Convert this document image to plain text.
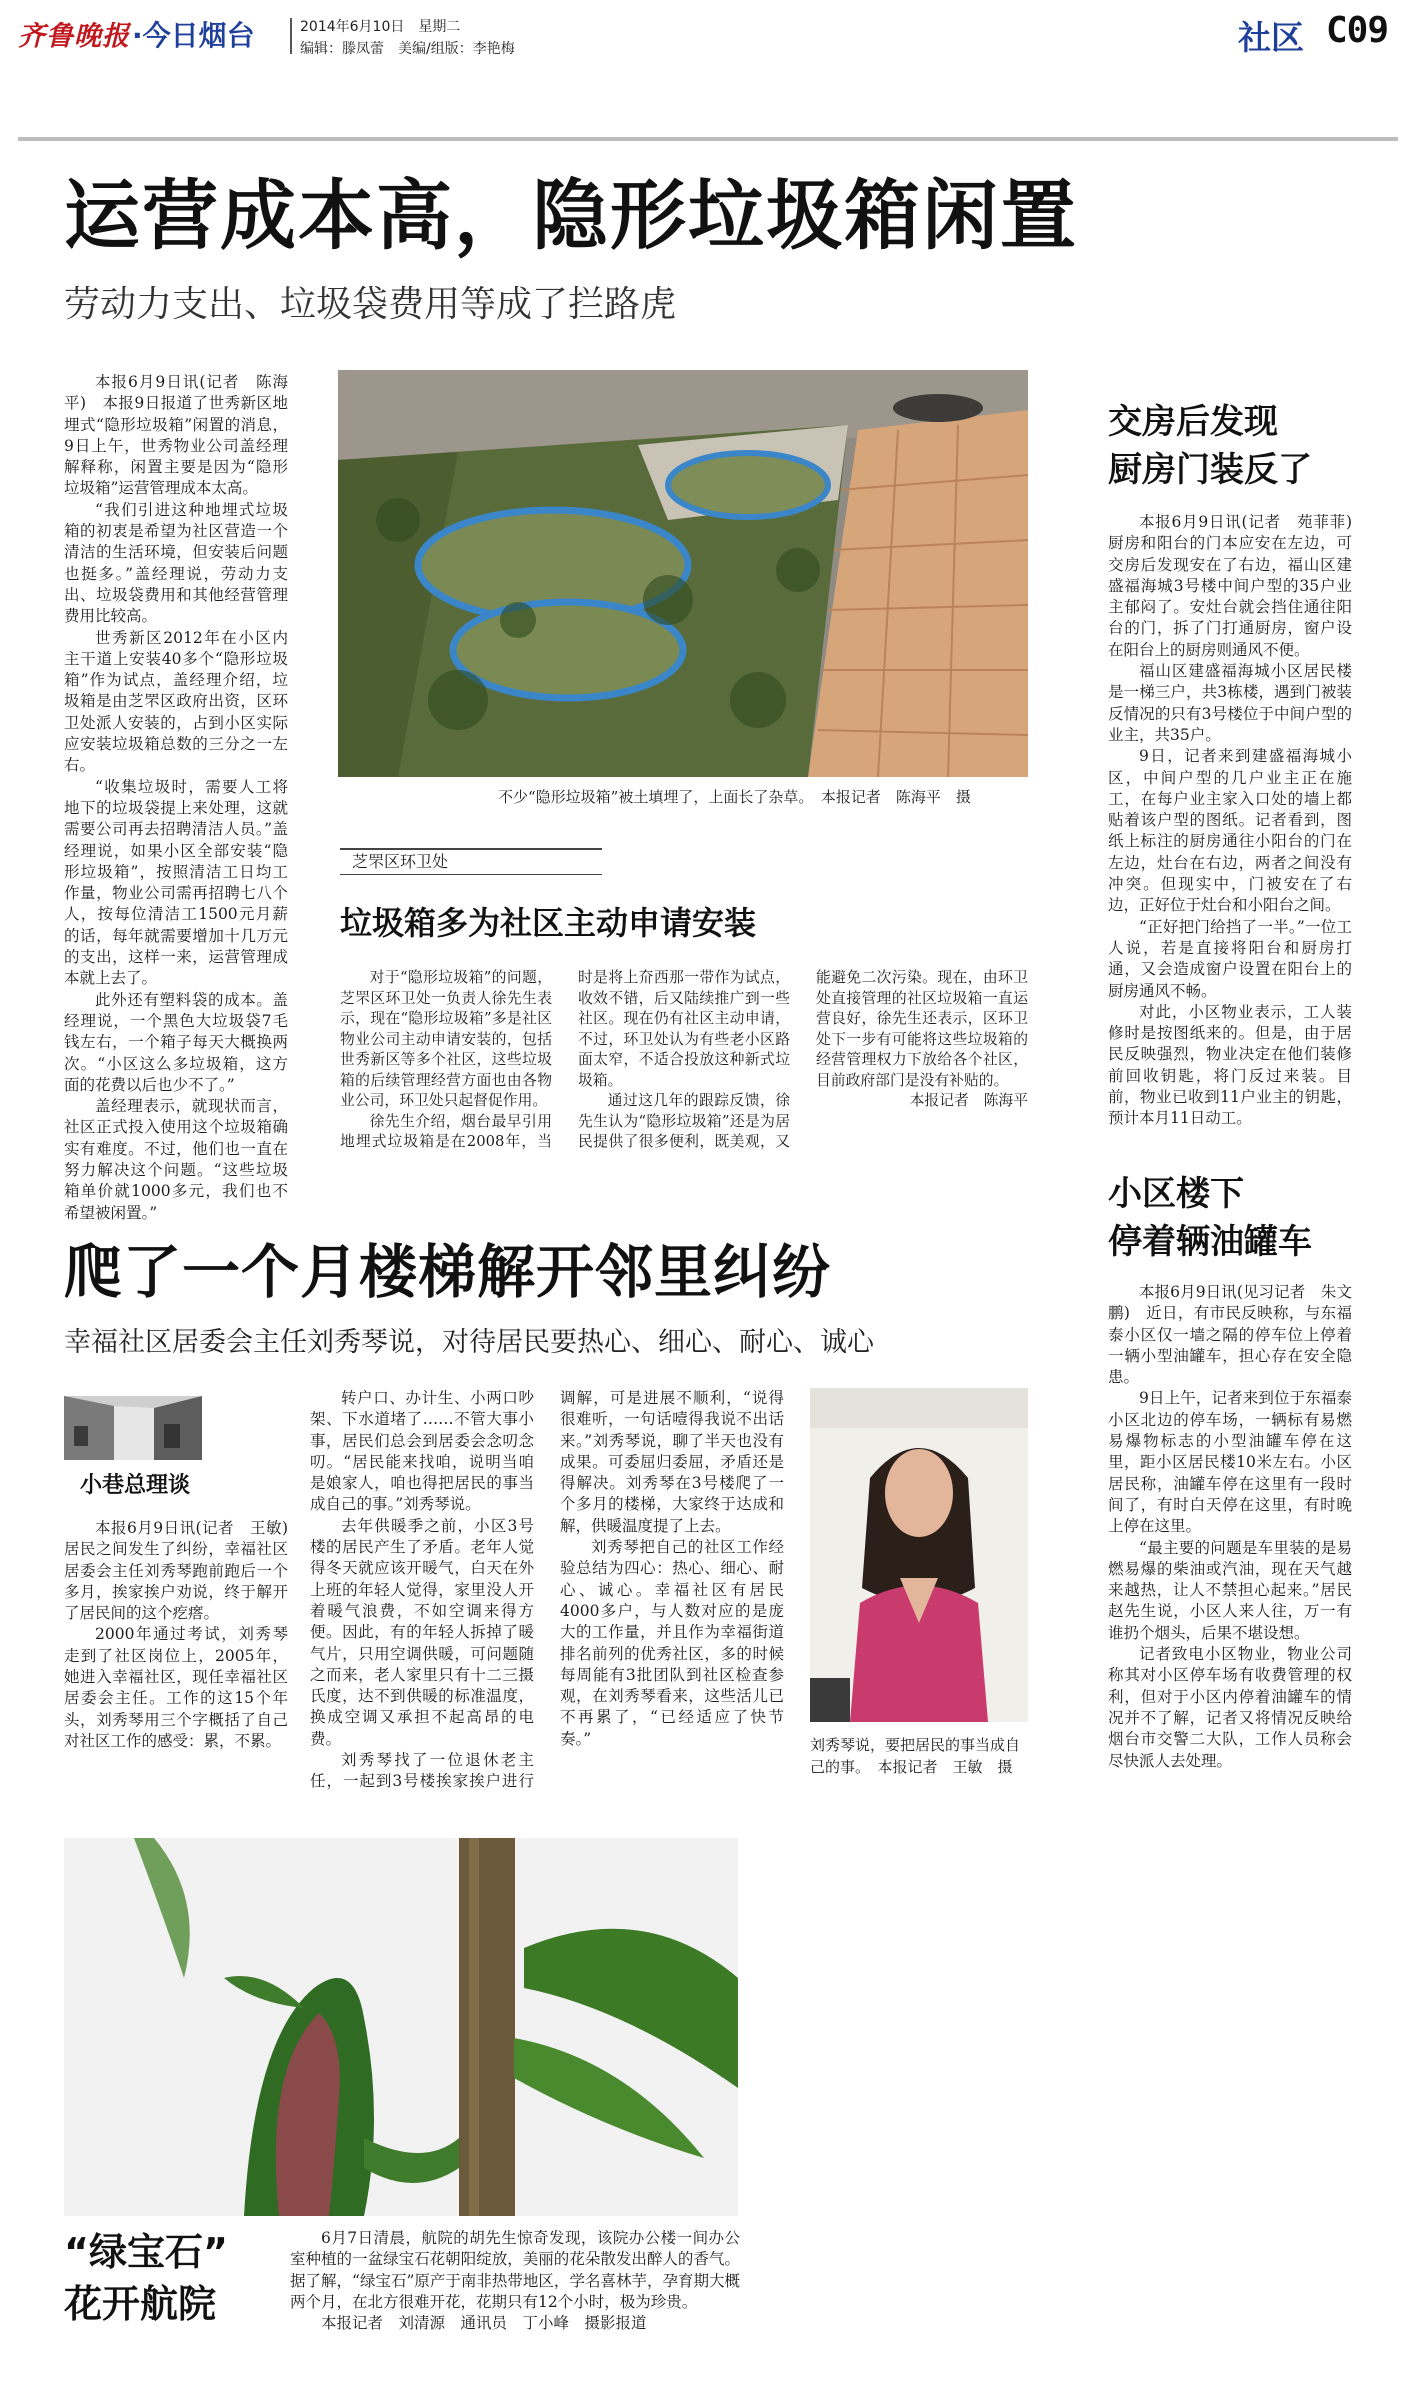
齐鲁晚报 ·今日烟台	2014年6月10日　星期二
编辑：滕凤蕾　美编/组版：李艳梅	社区 C09
运营成本高，隐形垃圾箱闲置
劳动力支出、垃圾袋费用等成了拦路虎

本报6月9日讯(记者　陈海平)　本报9日报道了世秀新区地埋式“隐形垃圾箱”闲置的消息，9日上午，世秀物业公司盖经理解释称，闲置主要是因为“隐形垃圾箱”运营管理成本太高。

“我们引进这种地埋式垃圾箱的初衷是希望为社区营造一个清洁的生活环境，但安装后问题也挺多。”盖经理说，劳动力支出、垃圾袋费用和其他经营管理费用比较高。

世秀新区2012年在小区内主干道上安装40多个“隐形垃圾箱”作为试点，盖经理介绍，垃圾箱是由芝罘区政府出资，区环卫处派人安装的，占到小区实际应安装垃圾箱总数的三分之一左右。

“收集垃圾时，需要人工将地下的垃圾袋提上来处理，这就需要公司再去招聘清洁人员。”盖经理说，如果小区全部安装“隐形垃圾箱”，按照清洁工日均工作量，物业公司需再招聘七八个人，按每位清洁工1500元月薪的话，每年就需要增加十几万元的支出，这样一来，运营管理成本就上去了。

此外还有塑料袋的成本。盖经理说，一个黑色大垃圾袋7毛钱左右，一个箱子每天大概换两次。“小区这么多垃圾箱，这方面的花费以后也少不了。”

盖经理表示，就现状而言，社区正式投入使用这个垃圾箱确实有难度。不过，他们也一直在努力解决这个问题。“这些垃圾箱单价就1000多元，我们也不希望被闲置。”

不少“隐形垃圾箱”被土填埋了，上面长了杂草。　本报记者　陈海平　摄
芝罘区环卫处
垃圾箱多为社区主动申请安装

对于“隐形垃圾箱”的问题，芝罘区环卫处一负责人徐先生表示，现在“隐形垃圾箱”多是社区物业公司主动申请安装的，包括世秀新区等多个社区，这些垃圾箱的后续管理经营方面也由各物业公司，环卫处只起督促作用。

徐先生介绍，烟台最早引用地埋式垃圾箱是在2008年，当时是将上夼西那一带作为试点，收效不错，后又陆续推广到一些社区。现在仍有社区主动申请，不过，环卫处认为有些老小区路面太窄，不适合投放这种新式垃圾箱。

通过这几年的跟踪反馈，徐先生认为“隐形垃圾箱”还是为居民提供了很多便利，既美观，又能避免二次污染。现在，由环卫处直接管理的社区垃圾箱一直运营良好，徐先生还表示，区环卫处下一步有可能将这些垃圾箱的经营管理权力下放给各个社区，目前政府部门是没有补贴的。

本报记者　陈海平

交房后发现
厨房门装反了

本报6月9日讯(记者　苑菲菲)　厨房和阳台的门本应安在左边，可交房后发现安在了右边，福山区建盛福海城3号楼中间户型的35户业主郁闷了。安灶台就会挡住通往阳台的门，拆了门打通厨房，窗户设在阳台上的厨房则通风不便。

福山区建盛福海城小区居民楼是一梯三户，共3栋楼，遇到门被装反情况的只有3号楼位于中间户型的业主，共35户。

9日，记者来到建盛福海城小区，中间户型的几户业主正在施工，在每户业主家入口处的墙上都贴着该户型的图纸。记者看到，图纸上标注的厨房通往小阳台的门在左边，灶台在右边，两者之间没有冲突。但现实中，门被安在了右边，正好位于灶台和小阳台之间。

“正好把门给挡了一半。”一位工人说，若是直接将阳台和厨房打通，又会造成窗户设置在阳台上的厨房通风不畅。

对此，小区物业表示，工人装修时是按图纸来的。但是，由于居民反映强烈，物业决定在他们装修前回收钥匙，将门反过来装。目前，物业已收到11户业主的钥匙，预计本月11日动工。

爬了一个月楼梯解开邻里纠纷
幸福社区居委会主任刘秀琴说，对待居民要热心、细心、耐心、诚心
小巷总理谈

本报6月9日讯(记者　王敏)　居民之间发生了纠纷，幸福社区居委会主任刘秀琴跑前跑后一个多月，挨家挨户劝说，终于解开了居民间的这个疙瘩。

2000年通过考试，刘秀琴走到了社区岗位上，2005年，她进入幸福社区，现任幸福社区居委会主任。工作的这15个年头，刘秀琴用三个字概括了自己对社区工作的感受：累，不累。

转户口、办计生、小两口吵架、下水道堵了……不管大事小事，居民们总会到居委会念叨念叨。“居民能来找咱，说明当咱是娘家人，咱也得把居民的事当成自己的事。”刘秀琴说。

去年供暖季之前，小区3号楼的居民产生了矛盾。老年人觉得冬天就应该开暖气，白天在外上班的年轻人觉得，家里没人开着暖气浪费，不如空调来得方便。因此，有的年轻人拆掉了暖气片，只用空调供暖，可问题随之而来，老人家里只有十二三摄氏度，达不到供暖的标准温度，换成空调又承担不起高昂的电费。

刘秀琴找了一位退休老主任，一起到3号楼挨家挨户进行调解，可是进展不顺利，“说得很难听，一句话噎得我说不出话来。”刘秀琴说，聊了半天也没有成果。可委屈归委屈，矛盾还是得解决。刘秀琴在3号楼爬了一个多月的楼梯，大家终于达成和解，供暖温度提了上去。

刘秀琴把自己的社区工作经验总结为四心：热心、细心、耐心、诚心。幸福社区有居民4000多户，与人数对应的是庞大的工作量，并且作为幸福街道排名前列的优秀社区，多的时候每周能有3批团队到社区检查参观，在刘秀琴看来，这些活儿已不再累了，“已经适应了快节奏。”	刘秀琴说，要把居民的事当成自己的事。　本报记者　王敏　摄
小区楼下
停着辆油罐车

本报6月9日讯(见习记者　朱文鹏)　近日，有市民反映称，与东福泰小区仅一墙之隔的停车位上停着一辆小型油罐车，担心存在安全隐患。

9日上午，记者来到位于东福泰小区北边的停车场，一辆标有易燃易爆物标志的小型油罐车停在这里，距小区居民楼10米左右。小区居民称，油罐车停在这里有一段时间了，有时白天停在这里，有时晚上停在这里。

“最主要的问题是车里装的是易燃易爆的柴油或汽油，现在天气越来越热，让人不禁担心起来。”居民赵先生说，小区人来人往，万一有谁扔个烟头，后果不堪设想。

记者致电小区物业，物业公司称其对小区停车场有收费管理的权利，但对于小区内停着油罐车的情况并不了解，记者又将情况反映给烟台市交警二大队，工作人员称会尽快派人去处理。

“绿宝石”
花开航院

6月7日清晨，航院的胡先生惊奇发现，该院办公楼一间办公室种植的一盆绿宝石花朝阳绽放，美丽的花朵散发出醉人的香气。据了解，“绿宝石”原产于南非热带地区，学名喜林芋，孕育期大概两个月，在北方很难开花，花期只有12个小时，极为珍贵。

本报记者　刘清源　通讯员　丁小峰　摄影报道
